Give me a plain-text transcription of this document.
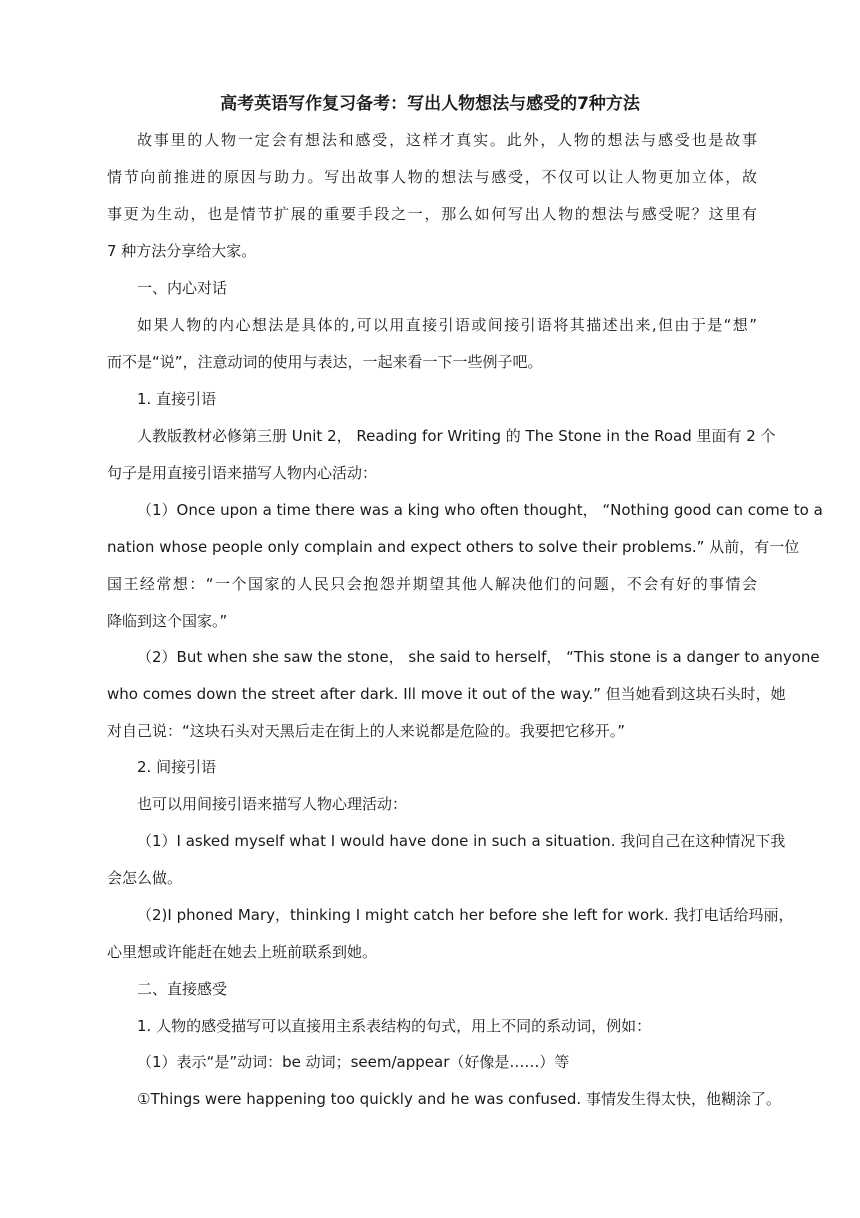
高考英语写作复习备考：写出人物想法与感受的7种方法
故事里的人物一定会有想法和感受，这样才真实。此外，人物的想法与感受也是故事
情节向前推进的原因与助力。写出故事人物的想法与感受，不仅可以让人物更加立体，故
事更为生动，也是情节扩展的重要手段之一，那么如何写出人物的想法与感受呢？这里有
7 种方法分享给大家。
一、内心对话
如果人物的内心想法是具体的,可以用直接引语或间接引语将其描述出来,但由于是“想”
而不是“说”，注意动词的使用与表达，一起来看一下一些例子吧。
1. 直接引语
人教版教材必修第三册 Unit 2， Reading for Writing 的 The Stone in the Road 里面有 2 个
句子是用直接引语来描写人物内心活动：
（1）Once upon a time there was a king who often thought， “Nothing good can come to a
nation whose people only complain and expect others to solve their problems.” 从前，有一位
国王经常想：“一个国家的人民只会抱怨并期望其他人解决他们的问题，不会有好的事情会
降临到这个国家。”
（2）But when she saw the stone， she said to herself， “This stone is a danger to anyone
who comes down the street after dark. Ill move it out of the way.” 但当她看到这块石头时，她
对自己说：“这块石头对天黑后走在街上的人来说都是危险的。我要把它移开。”
2. 间接引语
也可以用间接引语来描写人物心理活动：
（1）I asked myself what I would have done in such a situation. 我问自己在这种情况下我
会怎么做。
（2)I phoned Mary，thinking I might catch her before she left for work. 我打电话给玛丽，
心里想或许能赶在她去上班前联系到她。
二、直接感受
1. 人物的感受描写可以直接用主系表结构的句式，用上不同的系动词，例如：
（1）表示“是”动词：be 动词；seem/appear（好像是……）等
①Things were happening too quickly and he was confused. 事情发生得太快，他糊涂了。
